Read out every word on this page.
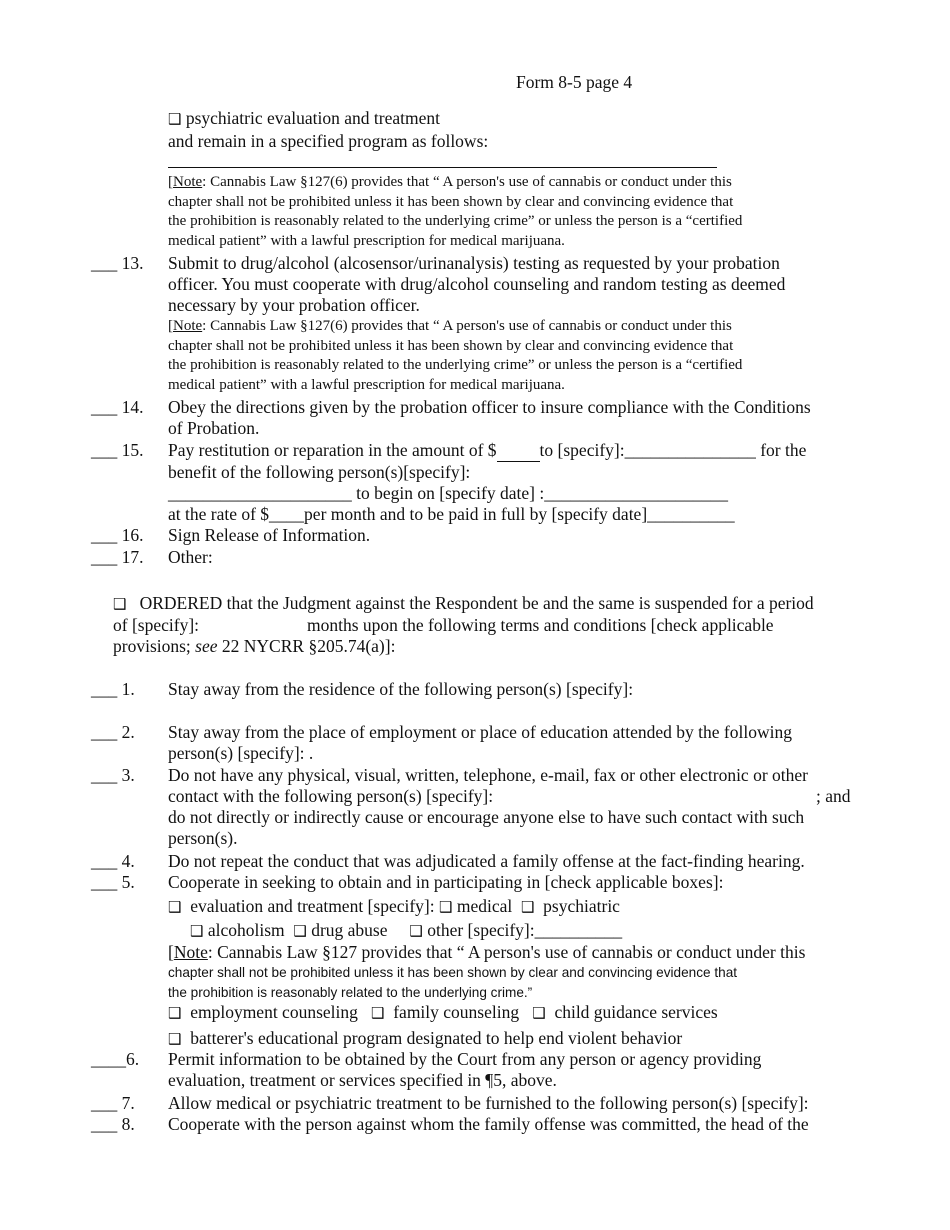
Form 8-5 page 4
❑ psychiatric evaluation and treatment
and remain in a specified program as follows:
[Note: Cannabis Law §127(6) provides that “ A person's use of cannabis or conduct under this
chapter shall not be prohibited unless it has been shown by clear and convincing evidence that
the prohibition is reasonably related to the underlying crime” or unless the person is a “certified
medical patient” with a lawful prescription for medical marijuana.
___ 13. Submit to drug/alcohol (alcosensor/urinanalysis) testing as requested by your probation
officer. You must cooperate with drug/alcohol counseling and random testing as deemed
necessary by your probation officer.
[Note: Cannabis Law §127(6) provides that “ A person's use of cannabis or conduct under this
chapter shall not be prohibited unless it has been shown by clear and convincing evidence that
the prohibition is reasonably related to the underlying crime” or unless the person is a “certified
medical patient” with a lawful prescription for medical marijuana.
___ 14. Obey the directions given by the probation officer to insure compliance with the Conditions
of Probation.
___ 15. Pay restitution or reparation in the amount of $ to [specify]:_______________ for the
benefit of the following person(s)[specify]:
_____________________ to begin on [specify date] :_____________________
at the rate of $____per month and to be paid in full by [specify date]__________
___ 16. Sign Release of Information.
___ 17. Other:
❑ ORDERED that the Judgment against the Respondent be and the same is suspended for a period
of [specify]:	months upon the following terms and conditions [check applicable
provisions; see 22 NYCRR §205.74(a)]:
___ 1. Stay away from the residence of the following person(s) [specify]:
___ 2. Stay away from the place of employment or place of education attended by the following
person(s) [specify]: .
___ 3. Do not have any physical, visual, written, telephone, e-mail, fax or other electronic or other
contact with the following person(s) [specify]:
do not directly or indirectly cause or encourage anyone else to have such contact with such
person(s).
; and
___ 4. Do not repeat the conduct that was adjudicated a family offense at the fact-finding hearing.
___ 5. Cooperate in seeking to obtain and in participating in [check applicable boxes]:
❑ evaluation and treatment [specify]: ❑ medical ❑ psychiatric
❑ alcoholism ❑ drug abuse ❑ other [specify]:__________
[Note: Cannabis Law §127 provides that “ A person's use of cannabis or conduct under this
chapter shall not be prohibited unless it has been shown by clear and convincing evidence that
the prohibition is reasonably related to the underlying crime.”
❑ employment counseling ❑ family counseling ❑ child guidance services
❑ batterer's educational program designated to help end violent behavior
____6. Permit information to be obtained by the Court from any person or agency providing
evaluation, treatment or services specified in ¶5, above.
___ 7. Allow medical or psychiatric treatment to be furnished to the following person(s) [specify]:
___ 8. Cooperate with the person against whom the family offense was committed, the head of the
